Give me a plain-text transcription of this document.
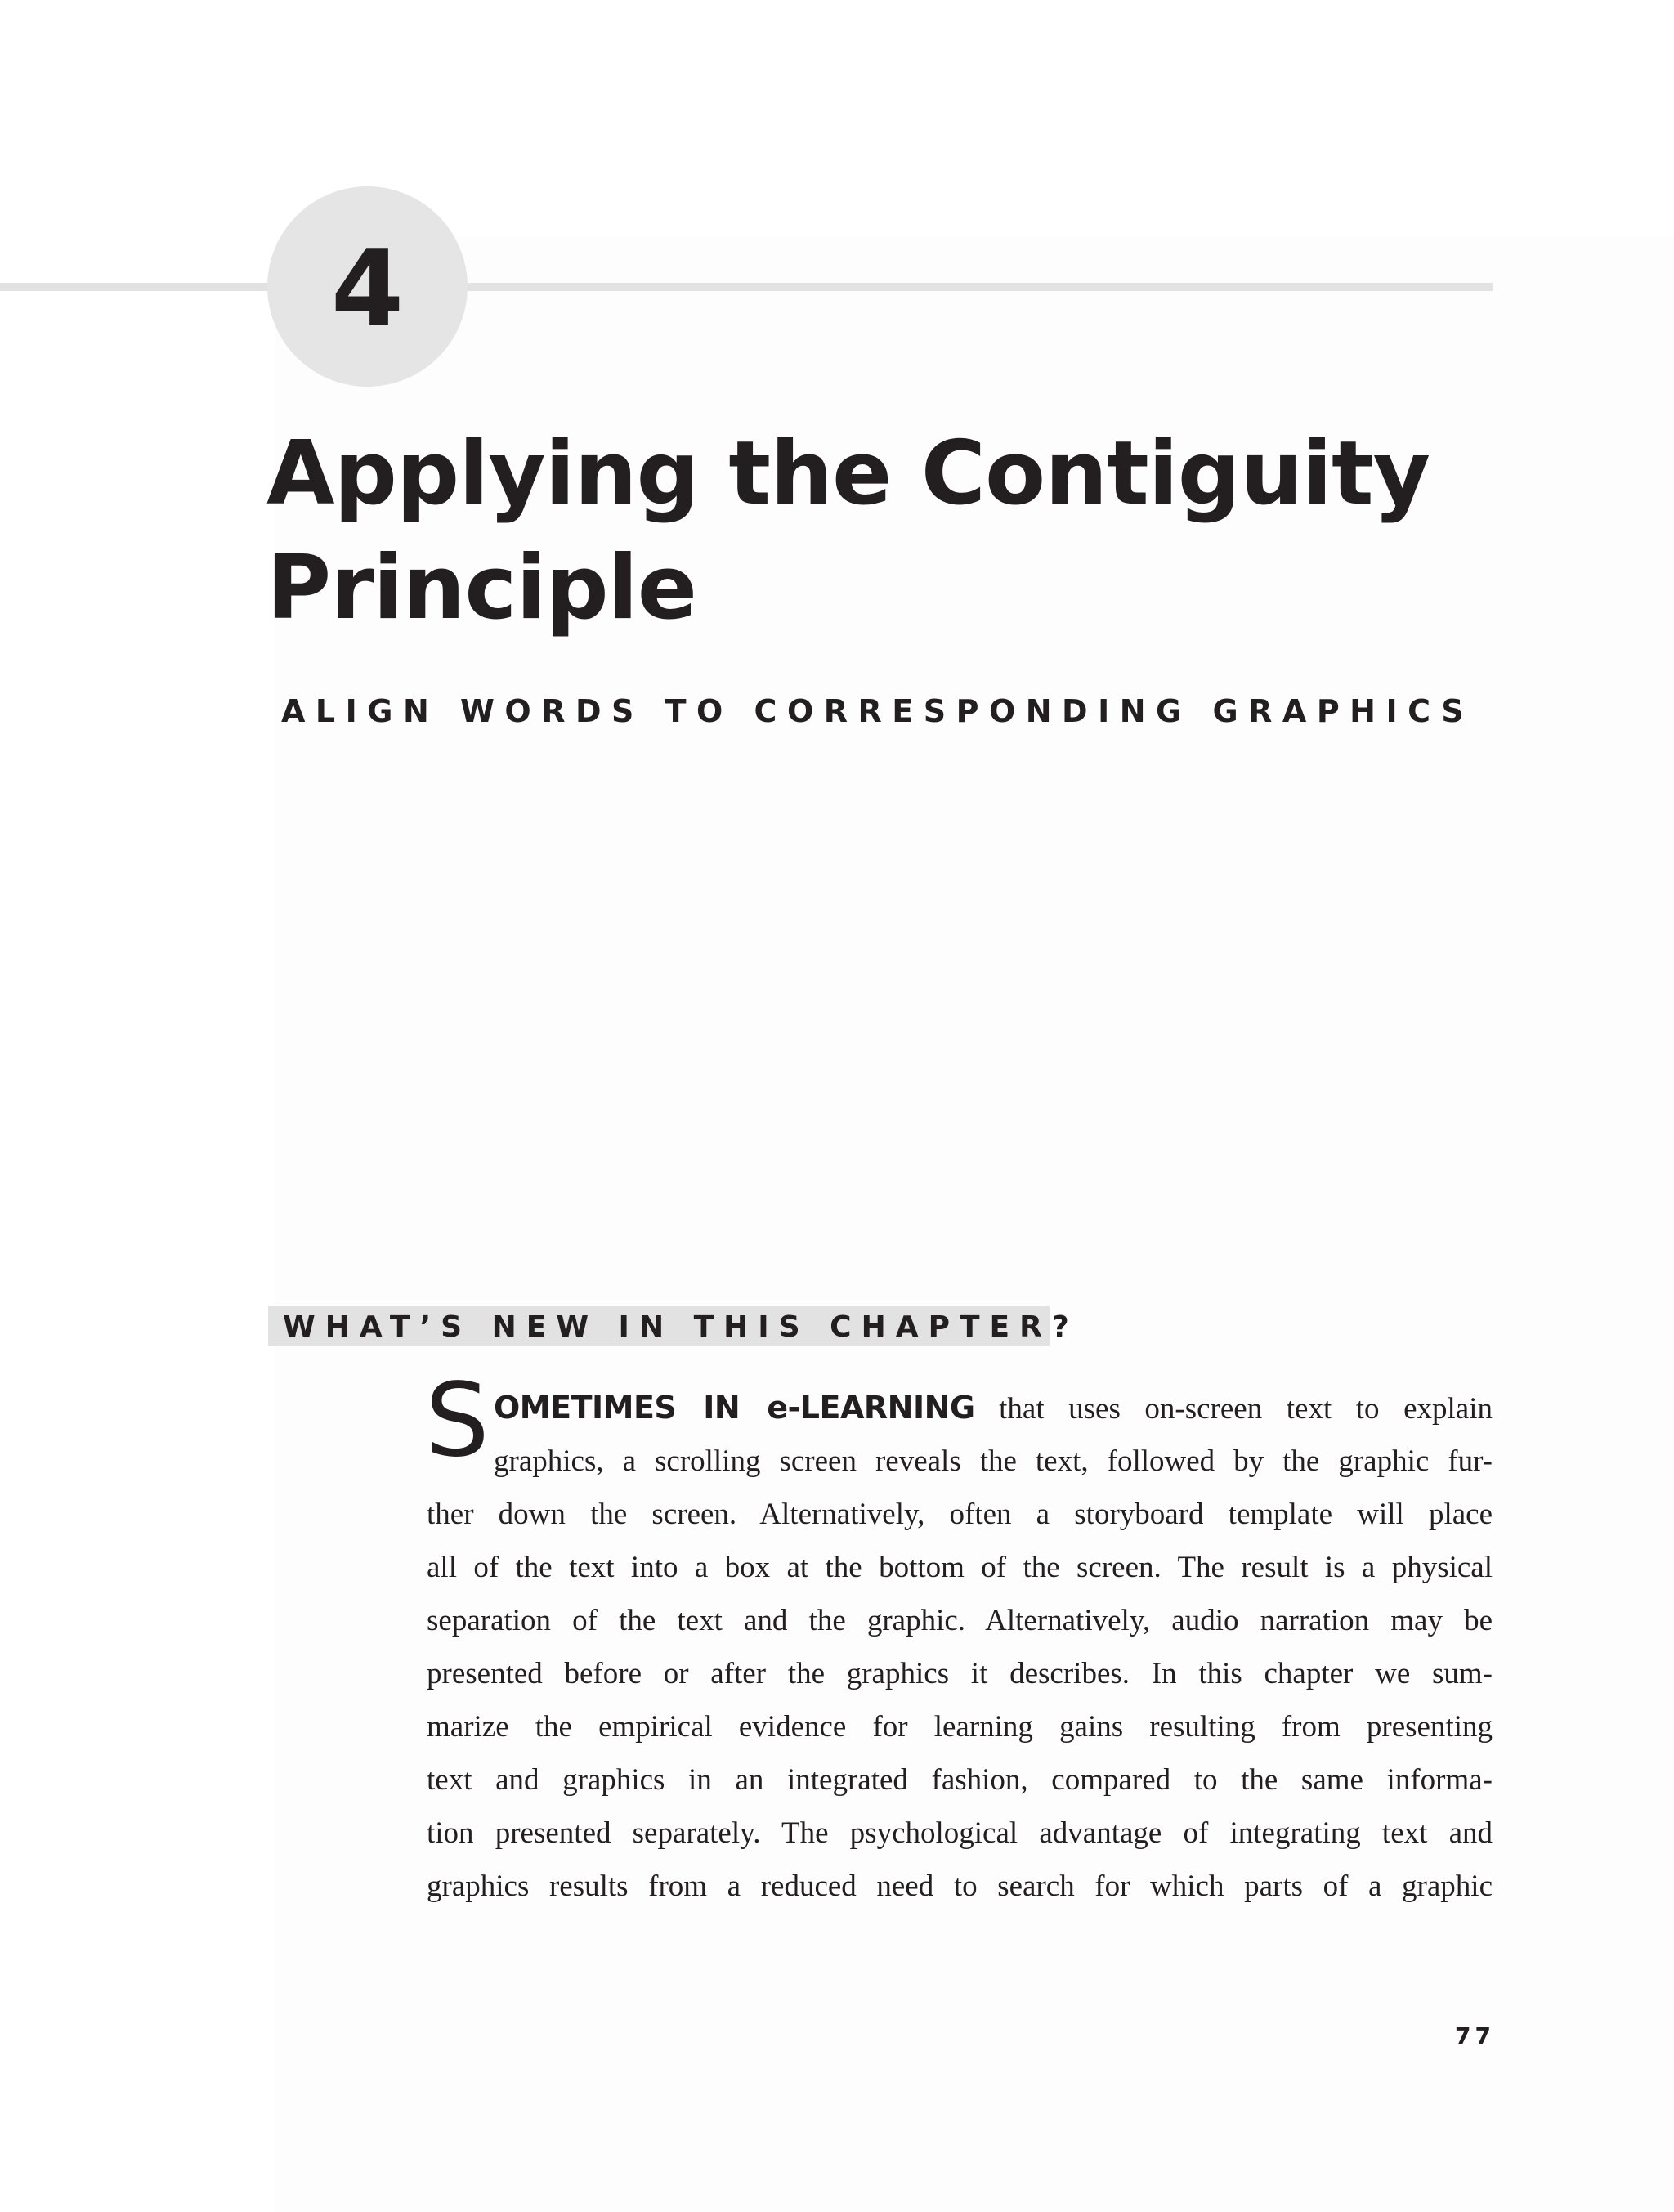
4
Applying the Contiguity
Principle

ALIGN WORDS TO CORRESPONDING GRAPHICS

WHAT’S NEW IN THIS CHAPTER?
S OMETIMES IN e-LEARNING that uses on-screen text to explain
graphics, a scrolling screen reveals the text, followed by the graphic fur-
ther down the screen. Alternatively, often a storyboard template will place
all of the text into a box at the bottom of the screen. The result is a physical
separation of the text and the graphic. Alternatively, audio narration may be
presented before or after the graphics it describes. In this chapter we sum-
marize the empirical evidence for learning gains resulting from presenting
text and graphics in an integrated fashion, compared to the same informa-
tion presented separately. The psychological advantage of integrating text and
graphics results from a reduced need to search for which parts of a graphic
77
